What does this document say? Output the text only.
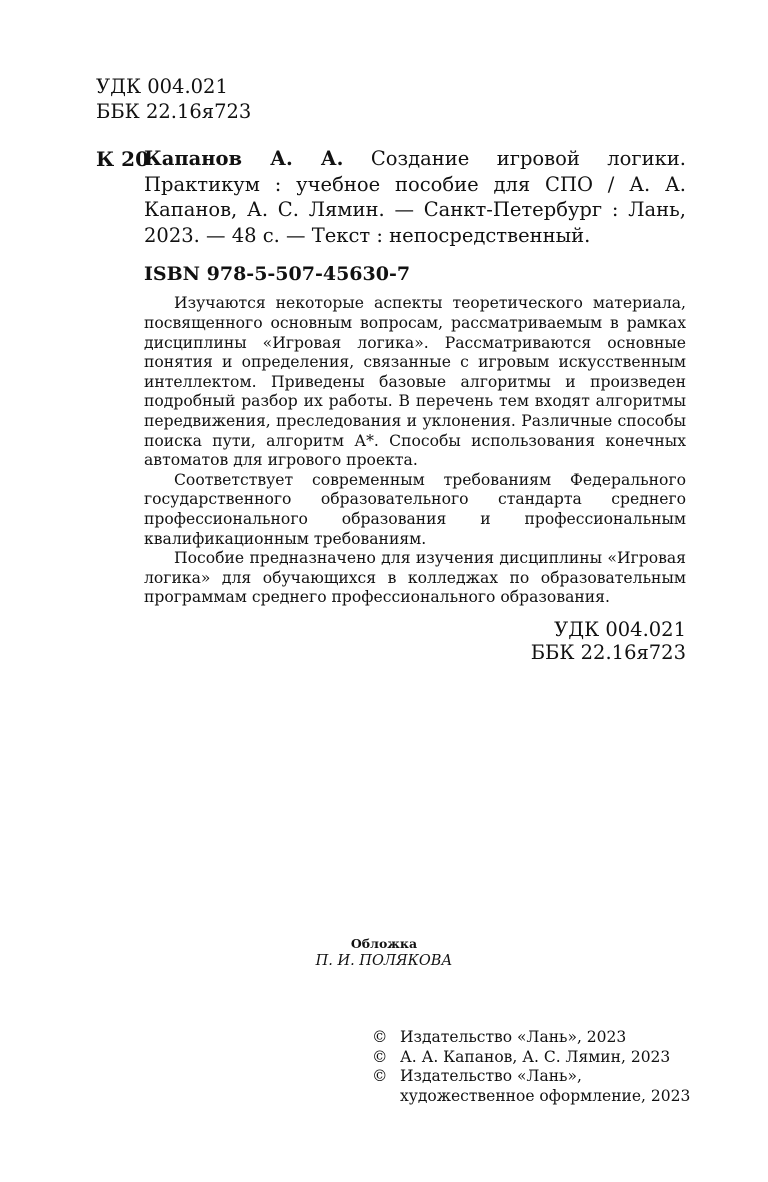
УДК 004.021
ББК 22.16я723
К 20
Капанов А. А. Создание игровой логики. Практикум : учебное пособие для СПО / А. А. Капанов, А. С. Лямин. — Санкт-Петербург : Лань, 2023. — 48 с. — Текст : непосредственный.
ISBN 978-5-507-45630-7

Изучаются некоторые аспекты теоретического материала, посвященного основным вопросам, рассматриваемым в рамках дисциплины «Игровая логика». Рассматриваются основные понятия и определения, связанные с игровым искусственным интеллектом. Приведены базовые алгоритмы и произведен подробный разбор их работы. В перечень тем входят алгоритмы передвижения, преследования и уклонения. Различные способы поиска пути, алгоритм А*. Способы использования конечных автоматов для игрового проекта.

Соответствует современным требованиям Федерального государственного образовательного стандарта среднего профессионального образования и профессиональным квалификационным требованиям.

Пособие предназначено для изучения дисциплины «Игровая логика» для обучающихся в колледжах по образовательным программам среднего профессионального образования.

УДК 004.021
ББК 22.16я723
Обложка
П. И. ПОЛЯКОВА
© Издательство «Лань», 2023
© А. А. Капанов, А. С. Лямин, 2023
© Издательство «Лань»,
художественное оформление, 2023
